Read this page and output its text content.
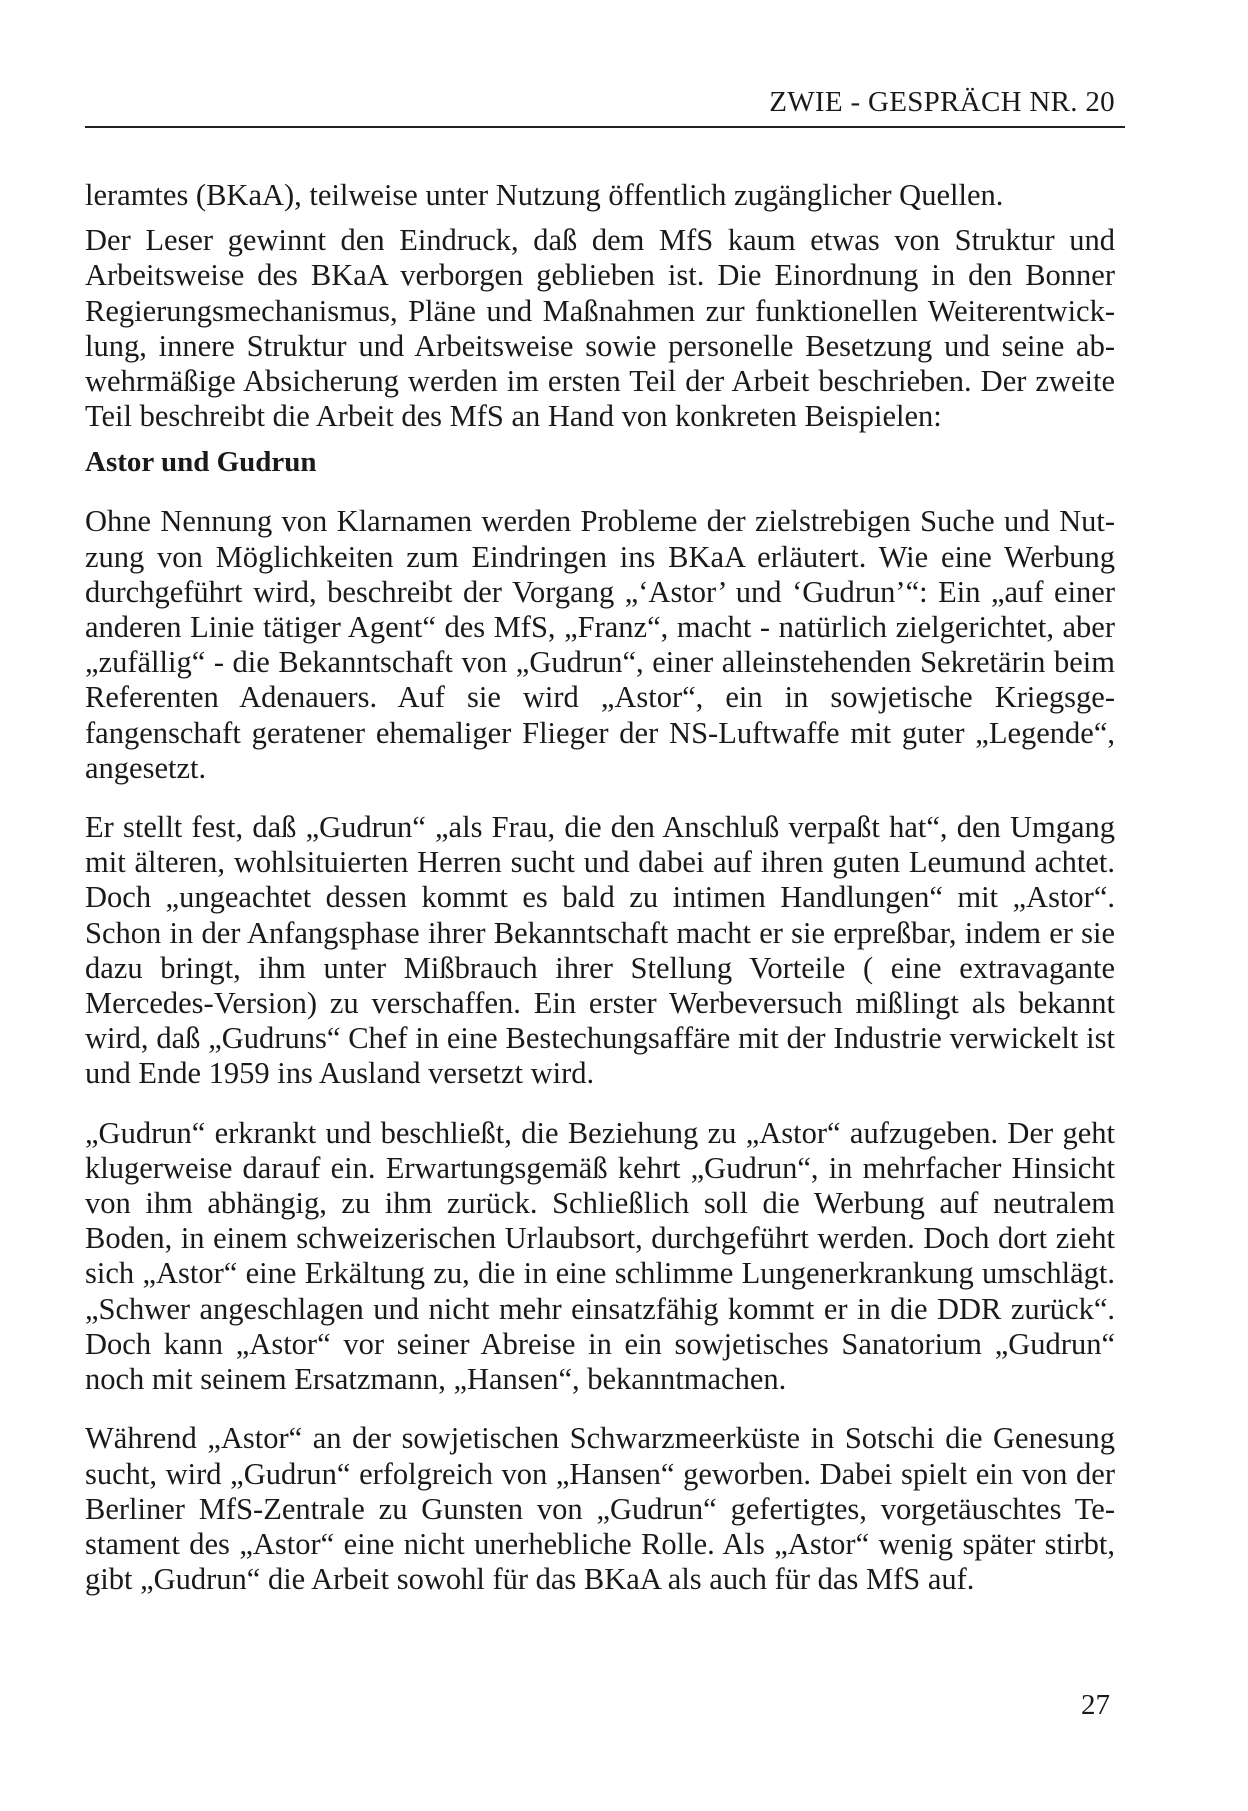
ZWIE - GESPRÄCH NR. 20

leramtes (BKaA), teilweise unter Nutzung öffentlich zugänglicher Quellen.

Der Leser gewinnt den Eindruck, daß dem MfS kaum etwas von Struktur und Arbeitsweise des BKaA verborgen geblieben ist. Die Einordnung in den Bonner Regierungsmechanismus, Pläne und Maßnahmen zur funktionellen Weiterentwicklung, innere Struktur und Arbeitsweise sowie personelle Besetzung und seine abwehrmäßige Absicherung werden im ersten Teil der Arbeit beschrieben. Der zweite Teil beschreibt die Arbeit des MfS an Hand von konkreten Beispielen:

Astor und Gudrun

Ohne Nennung von Klarnamen werden Probleme der zielstrebigen Suche und Nutzung von Möglichkeiten zum Eindringen ins BKaA erläutert. Wie eine Werbung durchgeführt wird, beschreibt der Vorgang „‘Astor’ und ‘Gudrun’“: Ein „auf einer anderen Linie tätiger Agent“ des MfS, „Franz“, macht - natürlich zielgerichtet, aber „zufällig“ - die Bekanntschaft von „Gudrun“, einer alleinstehenden Sekretärin beim Referenten Adenauers. Auf sie wird „Astor“, ein in sowjetische Kriegsgefangenschaft geratener ehemaliger Flieger der NS-Luftwaffe mit guter „Legende“, angesetzt.

Er stellt fest, daß „Gudrun“ „als Frau, die den Anschluß verpaßt hat“, den Umgang mit älteren, wohlsituierten Herren sucht und dabei auf ihren guten Leumund achtet. Doch „ungeachtet dessen kommt es bald zu intimen Handlungen“ mit „Astor“. Schon in der Anfangsphase ihrer Bekanntschaft macht er sie erpreßbar, indem er sie dazu bringt, ihm unter Mißbrauch ihrer Stellung Vorteile ( eine extravagante Mercedes-Version) zu verschaffen. Ein erster Werbeversuch mißlingt als bekannt wird, daß „Gudruns“ Chef in eine Bestechungsaffäre mit der Industrie verwickelt ist und Ende 1959 ins Ausland versetzt wird.

„Gudrun“ erkrankt und beschließt, die Beziehung zu „Astor“ aufzugeben. Der geht klugerweise darauf ein. Erwartungsgemäß kehrt „Gudrun“, in mehrfacher Hinsicht von ihm abhängig, zu ihm zurück. Schließlich soll die Werbung auf neutralem Boden, in einem schweizerischen Urlaubsort, durchgeführt werden. Doch dort zieht sich „Astor“ eine Erkältung zu, die in eine schlimme Lungenerkrankung umschlägt. „Schwer angeschlagen und nicht mehr einsatzfähig kommt er in die DDR zurück“. Doch kann „Astor“ vor seiner Abreise in ein sowjetisches Sanatorium „Gudrun“ noch mit seinem Ersatzmann, „Hansen“, bekanntmachen.

Während „Astor“ an der sowjetischen Schwarzmeerküste in Sotschi die Genesung sucht, wird „Gudrun“ erfolgreich von „Hansen“ geworben. Dabei spielt ein von der Berliner MfS-Zentrale zu Gunsten von „Gudrun“ gefertigtes, vorgetäuschtes Testament des „Astor“ eine nicht unerhebliche Rolle. Als „Astor“ wenig später stirbt, gibt „Gudrun“ die Arbeit sowohl für das BKaA als auch für das MfS auf.

27
